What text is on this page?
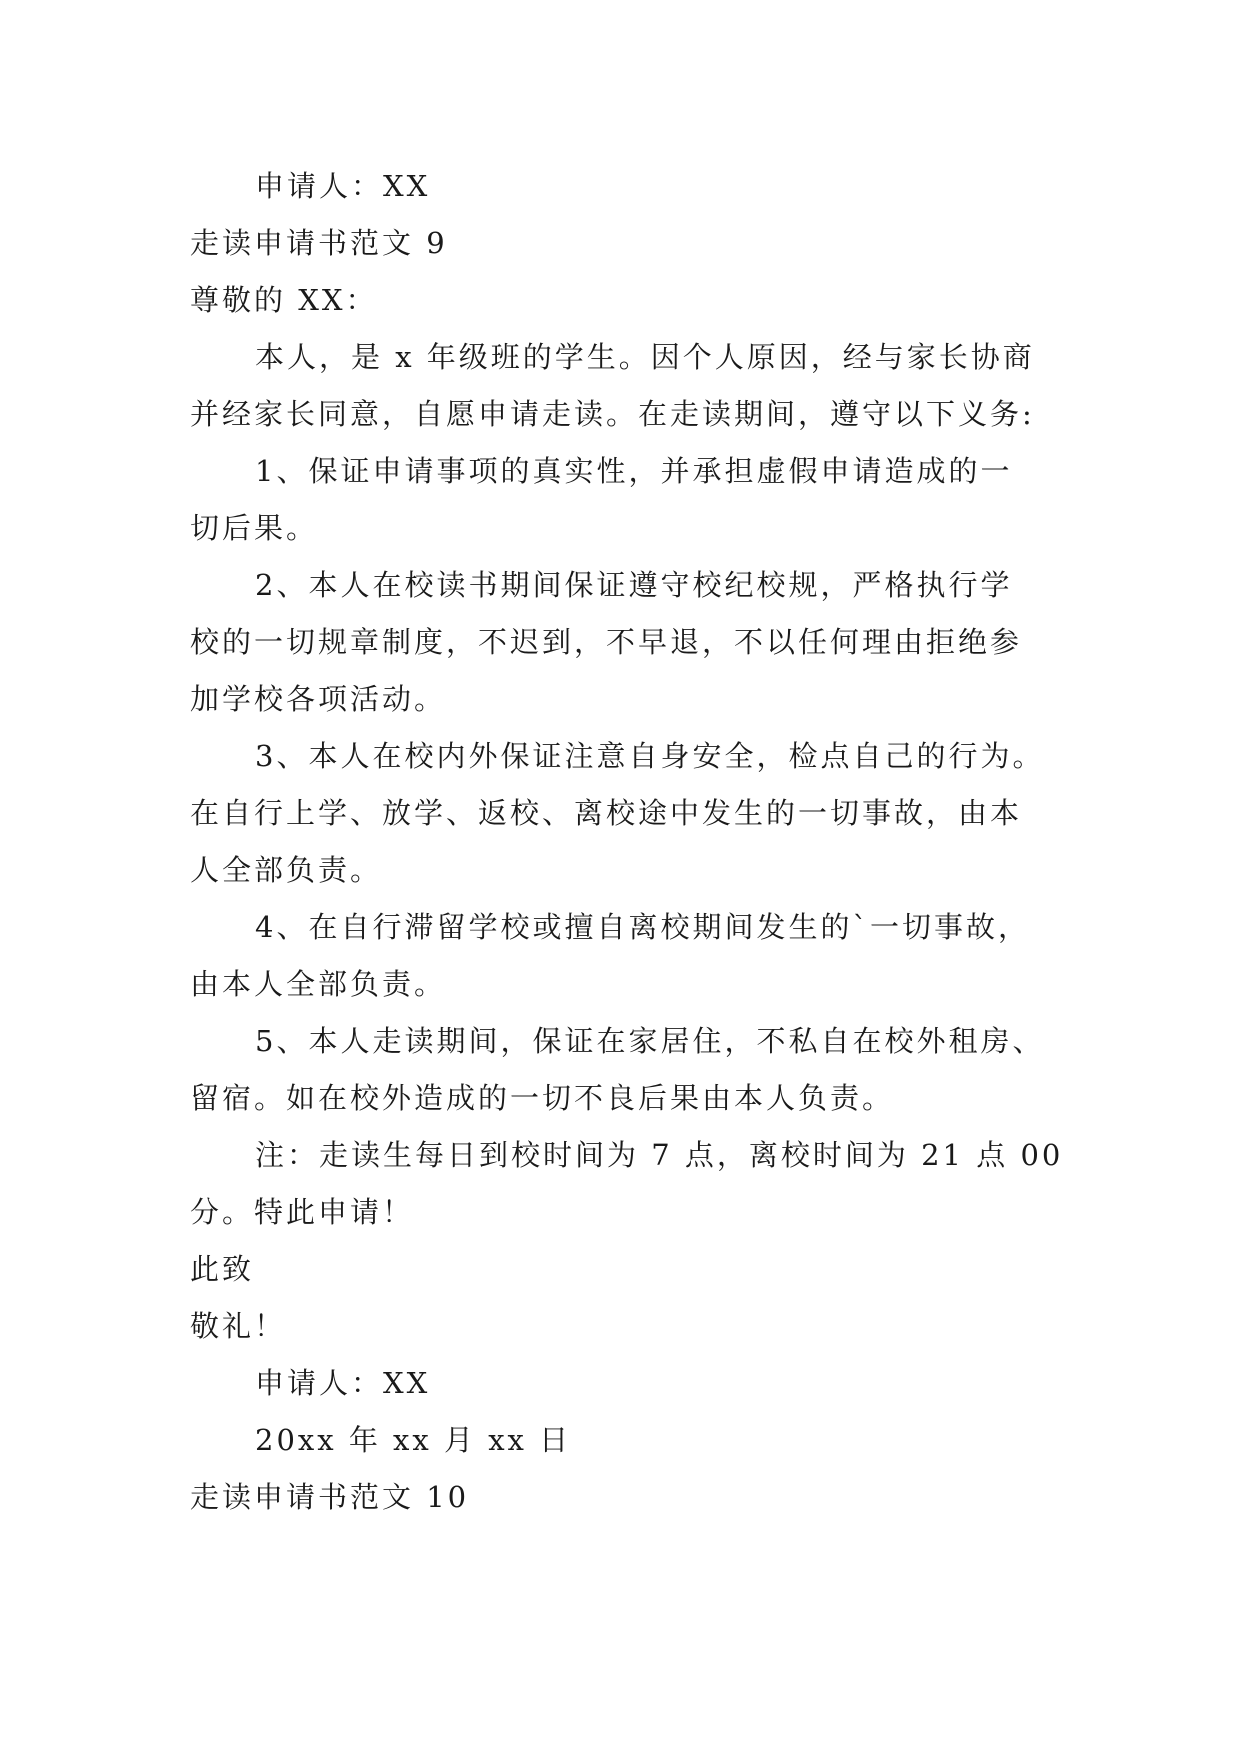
申请人：XX
走读申请书范文 9
尊敬的 XX：
本人，是 x 年级班的学生。因个人原因，经与家长协商
并经家长同意，自愿申请走读。在走读期间，遵守以下义务:
1、保证申请事项的真实性，并承担虚假申请造成的一
切后果。
2、本人在校读书期间保证遵守校纪校规，严格执行学
校的一切规章制度，不迟到，不早退，不以任何理由拒绝参
加学校各项活动。
3、本人在校内外保证注意自身安全，检点自己的行为。
在自行上学、放学、返校、离校途中发生的一切事故，由本
人全部负责。
4、在自行滞留学校或擅自离校期间发生的`一切事故，
由本人全部负责。
5、本人走读期间，保证在家居住，不私自在校外租房、
留宿。如在校外造成的一切不良后果由本人负责。
注：走读生每日到校时间为 7 点，离校时间为 21 点 00
分。特此申请！
此致
敬礼！
申请人：XX
20xx 年 xx 月 xx 日
走读申请书范文 10
